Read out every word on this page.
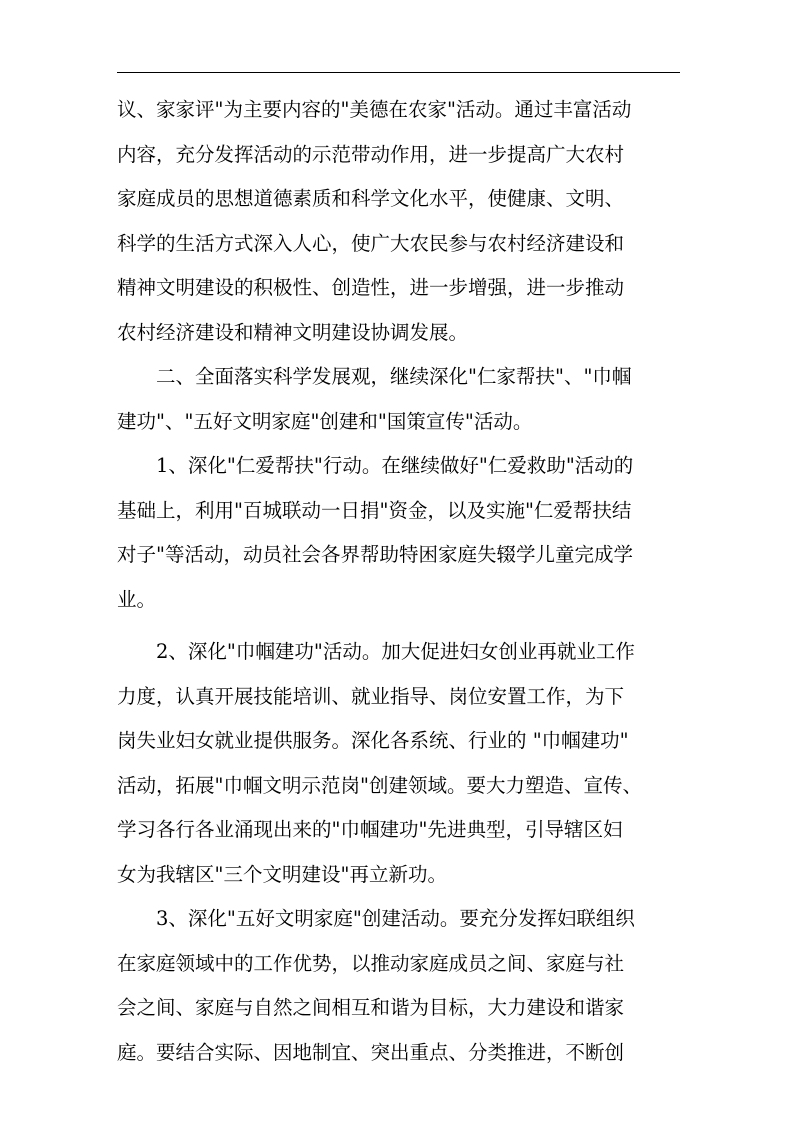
议、家家评"为主要内容的"美德在农家"活动。通过丰富活动
内容，充分发挥活动的示范带动作用，进一步提高广大农村
家庭成员的思想道德素质和科学文化水平，使健康、文明、
科学的生活方式深入人心，使广大农民参与农村经济建设和
精神文明建设的积极性、创造性，进一步增强，进一步推动
农村经济建设和精神文明建设协调发展。
二、全面落实科学发展观，继续深化"仁家帮扶"、"巾帼
建功"、"五好文明家庭"创建和"国策宣传"活动。
1、深化"仁爱帮扶"行动。在继续做好"仁爱救助"活动的
基础上，利用"百城联动一日捐"资金，以及实施"仁爱帮扶结
对子"等活动，动员社会各界帮助特困家庭失辍学儿童完成学
业。
2、深化"巾帼建功"活动。加大促进妇女创业再就业工作
力度，认真开展技能培训、就业指导、岗位安置工作，为下
岗失业妇女就业提供服务。深化各系统、行业的 "巾帼建功"
活动，拓展"巾帼文明示范岗"创建领域。要大力塑造、宣传、
学习各行各业涌现出来的"巾帼建功"先进典型，引导辖区妇
女为我辖区"三个文明建设"再立新功。
3、深化"五好文明家庭"创建活动。要充分发挥妇联组织
在家庭领域中的工作优势，以推动家庭成员之间、家庭与社
会之间、家庭与自然之间相互和谐为目标，大力建设和谐家
庭。要结合实际、因地制宜、突出重点、分类推进，不断创
